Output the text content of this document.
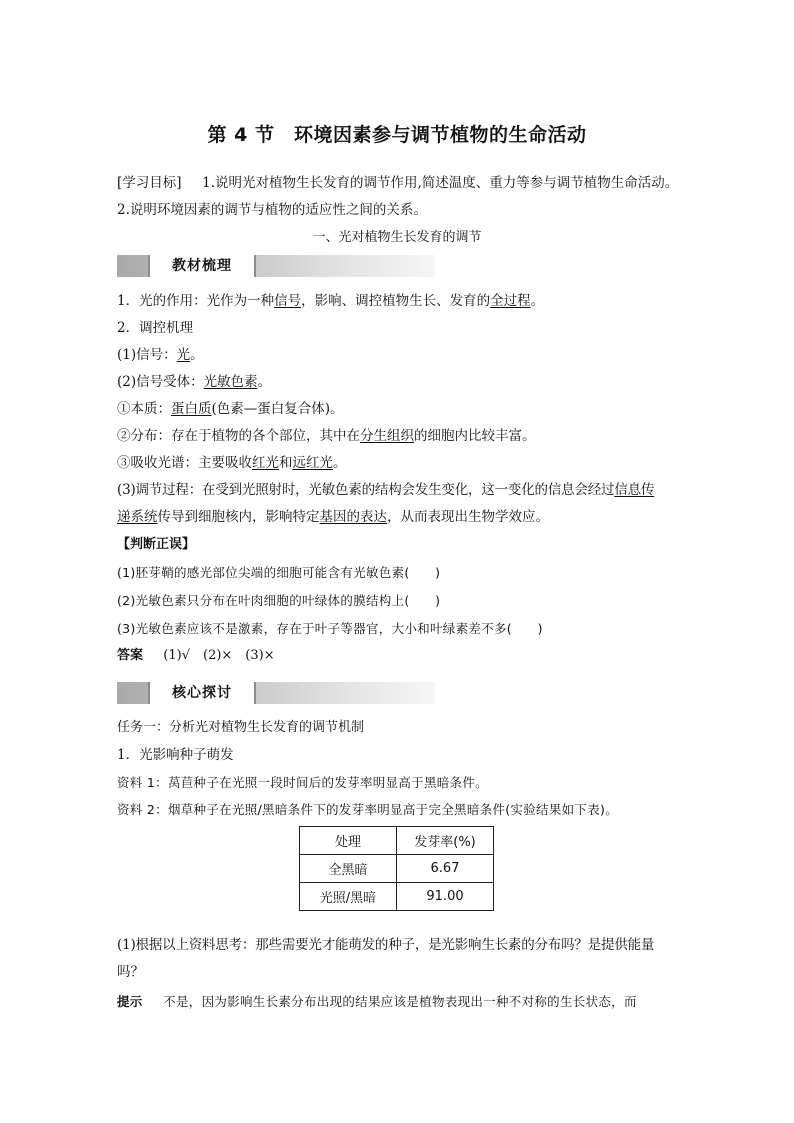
第 4 节　环境因素参与调节植物的生命活动
[学习目标] 1.说明光对植物生长发育的调节作用,简述温度、重力等参与调节植物生命活动。
2.说明环境因素的调节与植物的适应性之间的关系。
一、光对植物生长发育的调节
教材梳理
1．光的作用：光作为一种信号，影响、调控植物生长、发育的全过程。
2．调控机理
(1)信号：光。
(2)信号受体：光敏色素。
①本质：蛋白质(色素—蛋白复合体)。
②分布：存在于植物的各个部位，其中在分生组织的细胞内比较丰富。
③吸收光谱：主要吸收红光和远红光。
(3)调节过程：在受到光照射时，光敏色素的结构会发生变化，这一变化的信息会经过信息传
递系统传导到细胞核内，影响特定基因的表达，从而表现出生物学效应。
【判断正误】
(1)胚芽鞘的感光部位尖端的细胞可能含有光敏色素(　　)
(2)光敏色素只分布在叶肉细胞的叶绿体的膜结构上(　　)
(3)光敏色素应该不是激素，存在于叶子等器官，大小和叶绿素差不多(　　)
答案 (1)√　(2)×　(3)×
核心探讨
任务一：分析光对植物生长发育的调节机制
1．光影响种子萌发
资料 1：莴苣种子在光照一段时间后的发芽率明显高于黑暗条件。
资料 2：烟草种子在光照/黑暗条件下的发芽率明显高于完全黑暗条件(实验结果如下表)。
处理	发芽率(%)
全黑暗	6.67
光照/黑暗	91.00
(1)根据以上资料思考：那些需要光才能萌发的种子，是光影响生长素的分布吗？是提供能量
吗？
提示 不是，因为影响生长素分布出现的结果应该是植物表现出一种不对称的生长状态，而
